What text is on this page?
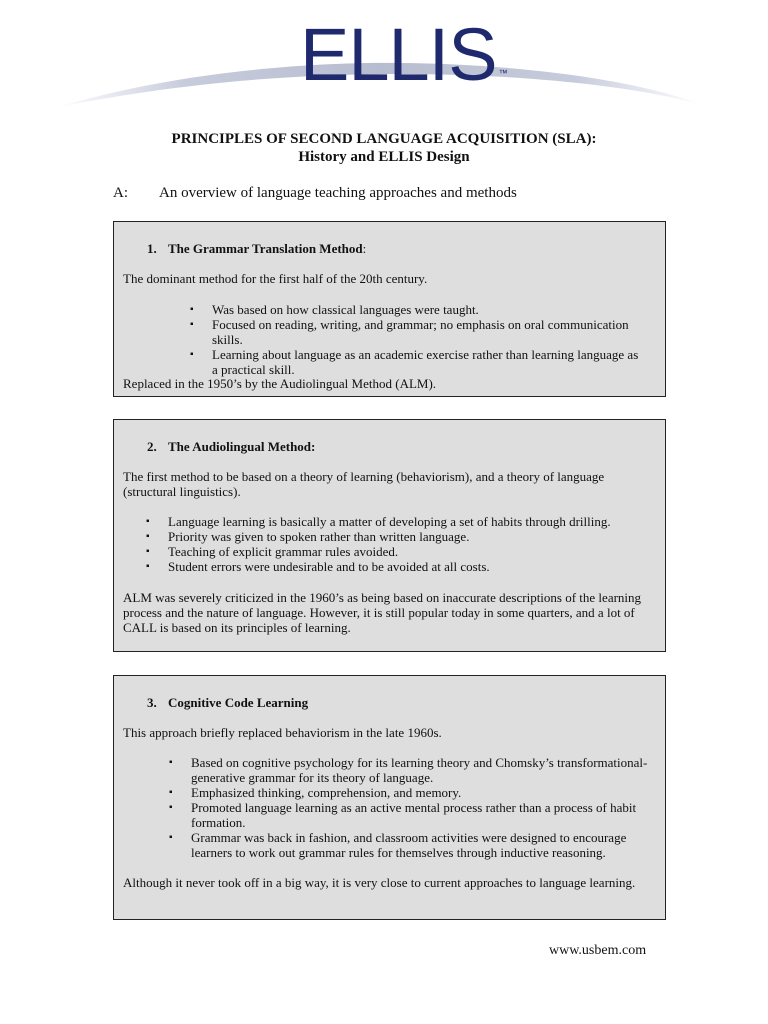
ELLIS ™
PRINCIPLES OF SECOND LANGUAGE ACQUISITION (SLA):
History and ELLIS Design
A: An overview of language teaching approaches and methods
1. The Grammar Translation Method:

The dominant method for the first half of the 20th century.

▪ Was based on how classical languages were taught.
▪ Focused on reading, writing, and grammar; no emphasis on oral communication skills.
▪ Learning about language as an academic exercise rather than learning language as a practical skill.

Replaced in the 1950’s by the Audiolingual Method (ALM).

2. The Audiolingual Method:

The first method to be based on a theory of learning (behaviorism), and a theory of language (structural linguistics).

▪ Language learning is basically a matter of developing a set of habits through drilling.
▪ Priority was given to spoken rather than written language.
▪ Teaching of explicit grammar rules avoided.
▪ Student errors were undesirable and to be avoided at all costs.

ALM was severely criticized in the 1960’s as being based on inaccurate descriptions of the learning process and the nature of language. However, it is still popular today in some quarters, and a lot of CALL is based on its principles of learning.

3. Cognitive Code Learning

This approach briefly replaced behaviorism in the late 1960s.

▪ Based on cognitive psychology for its learning theory and Chomsky’s transformational-generative grammar for its theory of language.
▪ Emphasized thinking, comprehension, and memory.
▪ Promoted language learning as an active mental process rather than a process of habit formation.
▪ Grammar was back in fashion, and classroom activities were designed to encourage learners to work out grammar rules for themselves through inductive reasoning.

Although it never took off in a big way, it is very close to current approaches to language learning.

www.usbem.com
